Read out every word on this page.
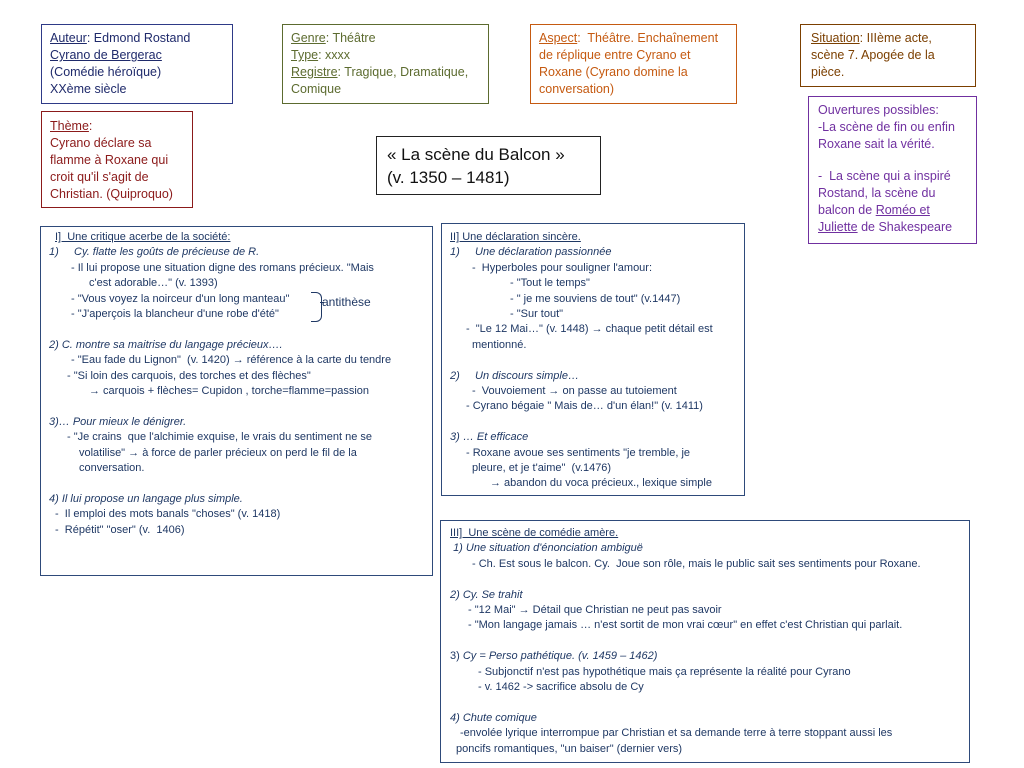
Auteur: Edmond Rostand
Cyrano de Bergerac
(Comédie héroïque)
XXème siècle
Genre: Théâtre
Type: xxxx
Registre: Tragique, Dramatique,
Comique
Aspect:  Théâtre. Enchaînement
de réplique entre Cyrano et
Roxane (Cyrano domine la
conversation)
Situation: IIIème acte,
scène 7. Apogée de la
pièce.
Thème:
Cyrano déclare sa
flamme à Roxane qui
croit qu'il s'agit de
Christian. (Quiproquo)
« La scène du Balcon »
(v. 1350 – 1481)
Ouvertures possibles:
-La scène de fin ou enfin
Roxane sait la vérité.
-  La scène qui a inspiré
Rostand, la scène du
balcon de Roméo et
Juliette de Shakespeare
I]  Une critique acerbe de la société:
1)     Cy. flatte les goûts de précieuse de R.
- Il lui propose une situation digne des romans précieux. "Mais
c'est adorable…" (v. 1393)
- "Vous voyez la noirceur d'un long manteau"
- "J'aperçois la blancheur d'une robe d'été"
2) C. montre sa maitrise du langage précieux….
- "Eau fade du Lignon"  (v. 1420) → référence à la carte du tendre
- "Si loin des carquois, des torches et des flèches"
→ carquois + flèches= Cupidon , torche=flamme=passion
3)… Pour mieux le dénigrer.
- "Je crains  que l'alchimie exquise, le vrais du sentiment ne se
volatilise" → à force de parler précieux on perd le fil de la
conversation.
4) Il lui propose un langage plus simple.
-  Il emploi des mots banals "choses" (v. 1418)
-  Répétit" "oser" (v.  1406)
antithèse
II] Une déclaration sincère.
1)     Une déclaration passionnée
-  Hyperboles pour souligner l'amour:
- "Tout le temps"
- " je me souviens de tout" (v.1447)
- "Sur tout"
-  "Le 12 Mai…" (v. 1448) → chaque petit détail est
mentionné.
2)     Un discours simple…
-  Vouvoiement → on passe au tutoiement
- Cyrano bégaie " Mais de… d'un élan!" (v. 1411)
3) … Et efficace
- Roxane avoue ses sentiments "je tremble, je
pleure, et je t'aime"  (v.1476)
→ abandon du voca précieux., lexique simple
III]  Une scène de comédie amère.
1) Une situation d'énonciation ambiguë
- Ch. Est sous le balcon. Cy.  Joue son rôle, mais le public sait ses sentiments pour Roxane.
2) Cy. Se trahit
- "12 Mai" → Détail que Christian ne peut pas savoir
- "Mon langage jamais … n'est sortit de mon vrai cœur" en effet c'est Christian qui parlait.
3) Cy = Perso pathétique. (v. 1459 – 1462)
- Subjonctif n'est pas hypothétique mais ça représente la réalité pour Cyrano
- v. 1462 -> sacrifice absolu de Cy
4) Chute comique
-envolée lyrique interrompue par Christian et sa demande terre à terre stoppant aussi les
poncifs romantiques, "un baiser" (dernier vers)
